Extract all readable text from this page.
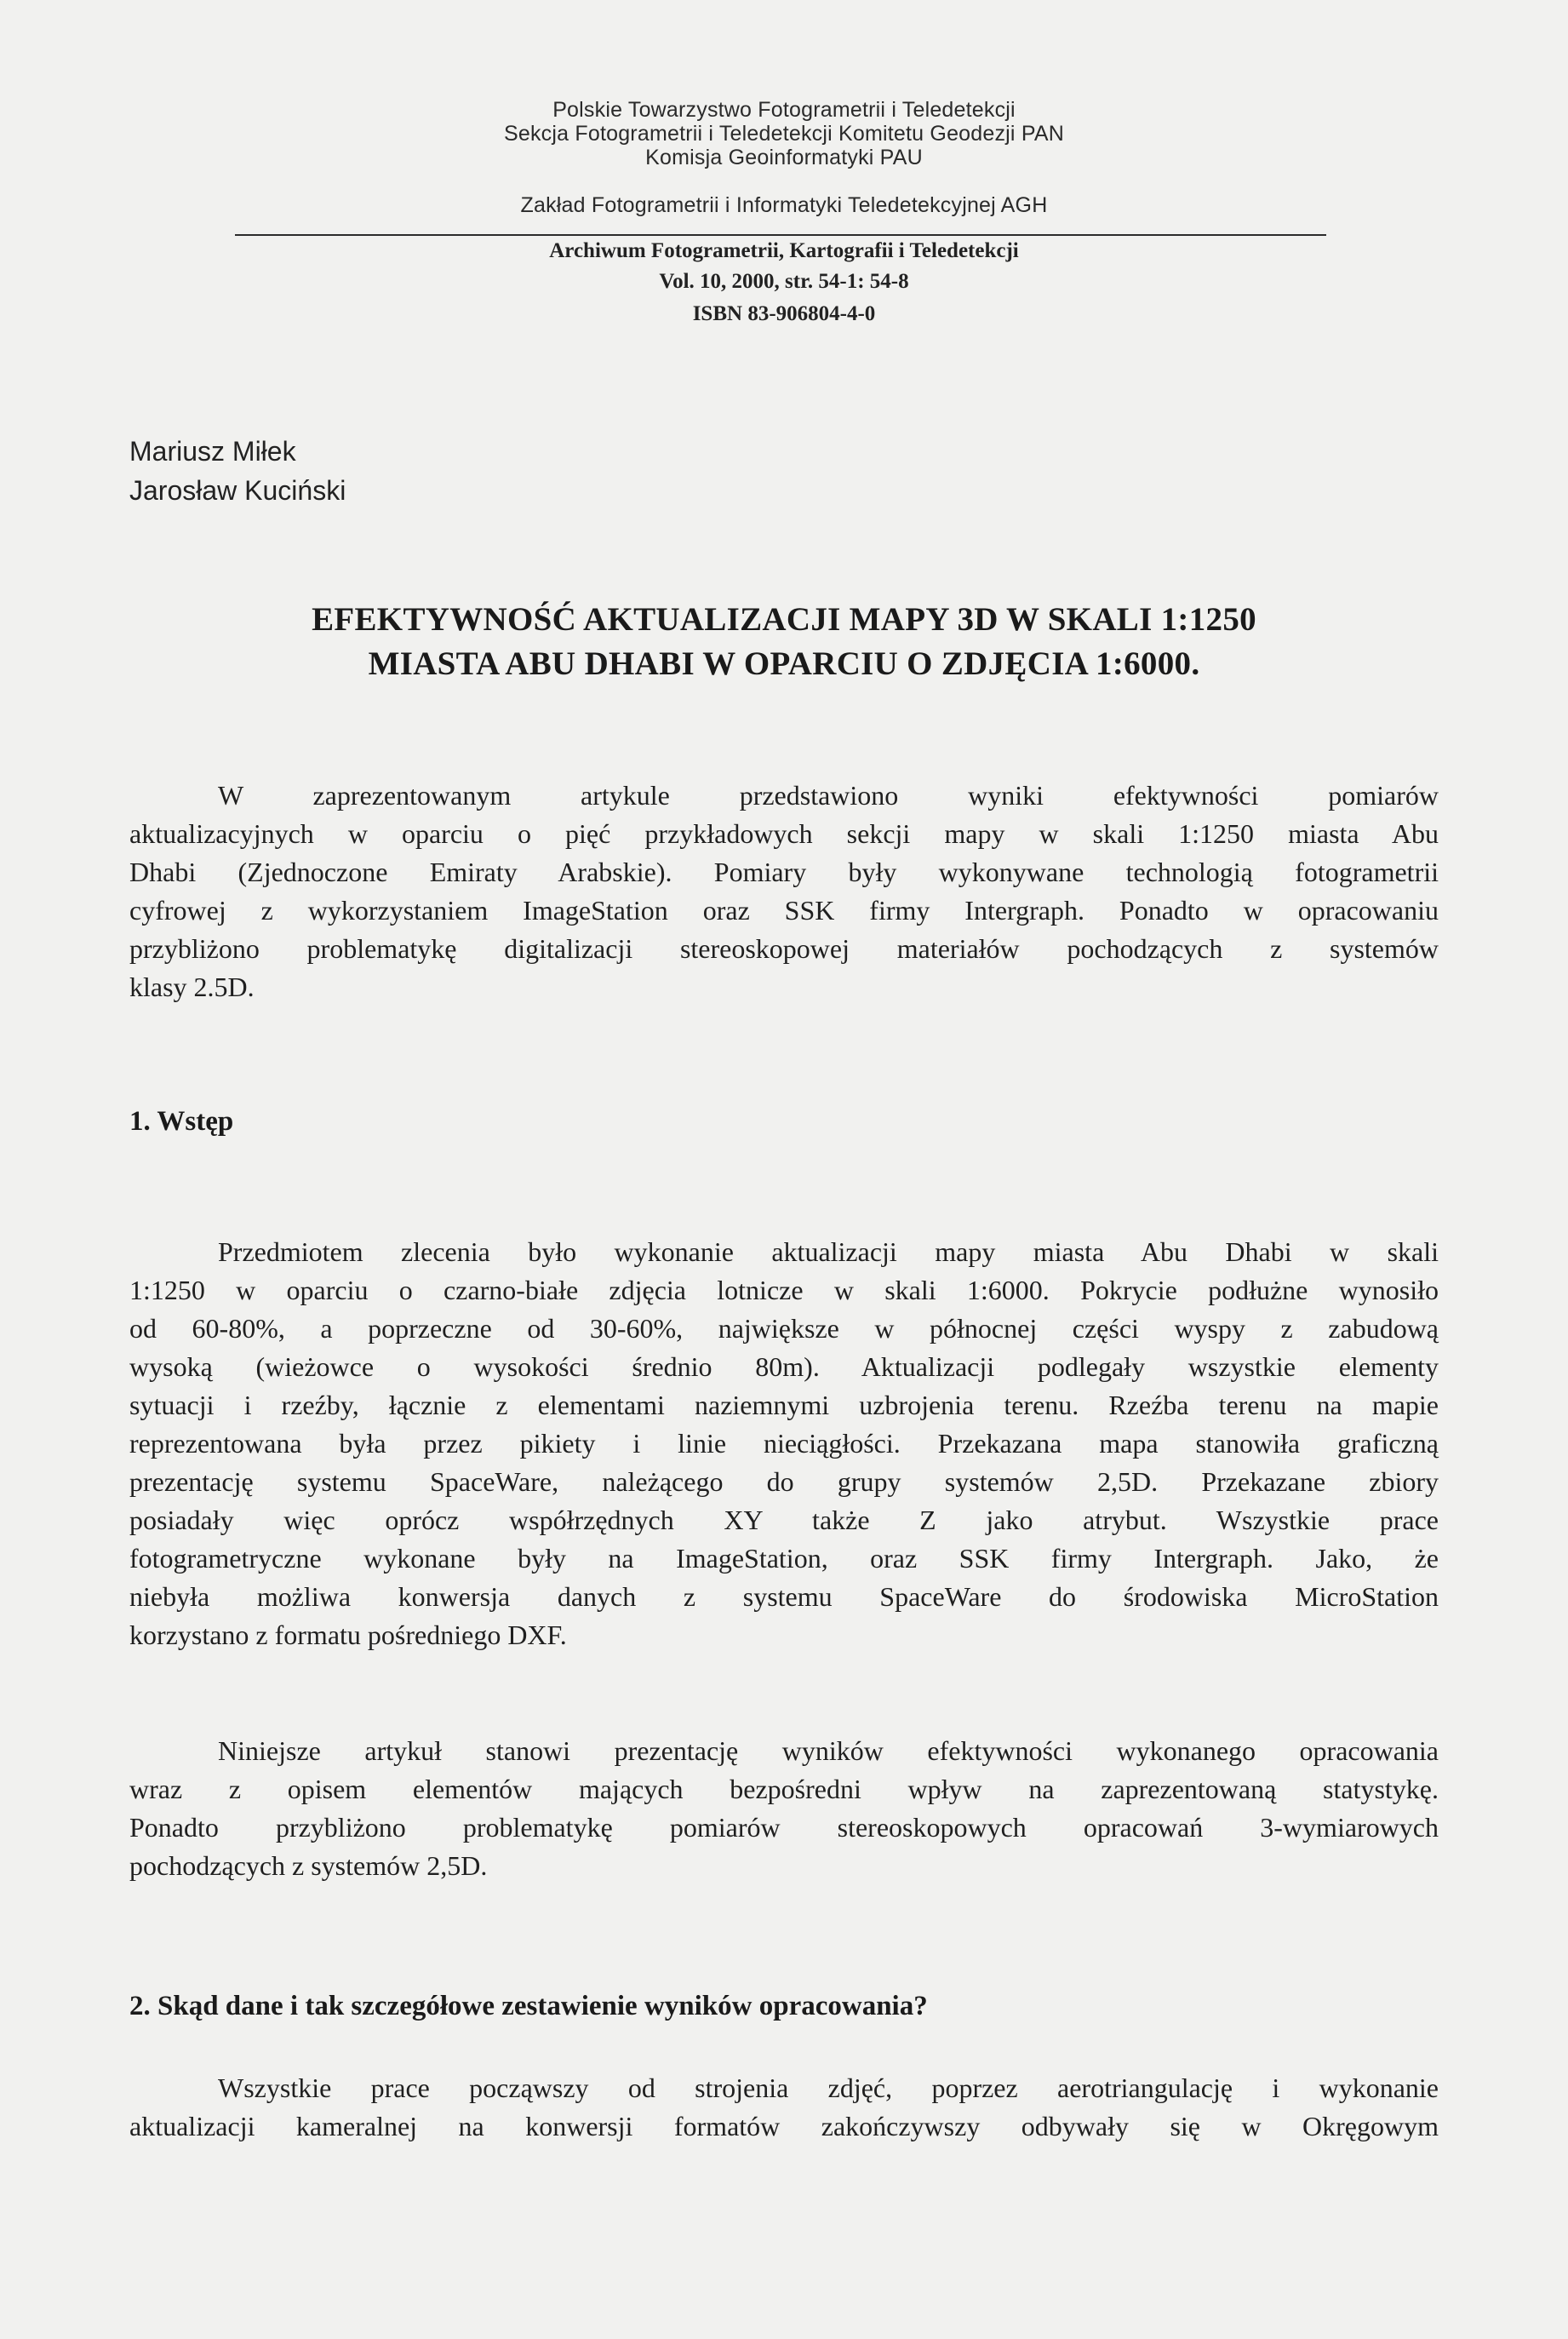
Polskie Towarzystwo Fotogrametrii i Teledetekcji
Sekcja Fotogrametrii i Teledetekcji Komitetu Geodezji PAN
Komisja Geoinformatyki PAU
Zakład Fotogrametrii i Informatyki Teledetekcyjnej AGH
Archiwum Fotogrametrii, Kartografii i Teledetekcji
Vol. 10, 2000, str. 54-1: 54-8
ISBN 83-906804-4-0
Mariusz Miłek
Jarosław Kuciński
EFEKTYWNOŚĆ AKTUALIZACJI MAPY 3D W SKALI 1:1250
MIASTA ABU DHABI W OPARCIU O ZDJĘCIA 1:6000.
W zaprezentowanym artykule przedstawiono wyniki efektywności pomiarów
aktualizacyjnych w oparciu o pięć przykładowych sekcji mapy w skali 1:1250 miasta Abu
Dhabi (Zjednoczone Emiraty Arabskie). Pomiary były wykonywane technologią fotogrametrii
cyfrowej z wykorzystaniem ImageStation oraz SSK firmy Intergraph. Ponadto w opracowaniu
przybliżono problematykę digitalizacji stereoskopowej materiałów pochodzących z systemów
klasy 2.5D.
1. Wstęp
Przedmiotem zlecenia było wykonanie aktualizacji mapy miasta Abu Dhabi w skali
1:1250 w oparciu o czarno-białe zdjęcia lotnicze w skali 1:6000. Pokrycie podłużne wynosiło
od 60-80%, a poprzeczne od 30-60%, największe w północnej części wyspy z zabudową
wysoką (wieżowce o wysokości średnio 80m). Aktualizacji podlegały wszystkie elementy
sytuacji i rzeźby, łącznie z elementami naziemnymi uzbrojenia terenu. Rzeźba terenu na mapie
reprezentowana była przez pikiety i linie nieciągłości. Przekazana mapa stanowiła graficzną
prezentację systemu SpaceWare, należącego do grupy systemów 2,5D. Przekazane zbiory
posiadały więc oprócz współrzędnych XY także Z jako atrybut. Wszystkie prace
fotogrametryczne wykonane były na ImageStation, oraz SSK firmy Intergraph. Jako, że
niebyła możliwa konwersja danych z systemu SpaceWare do środowiska MicroStation
korzystano z formatu pośredniego DXF.
Niniejsze artykuł stanowi prezentację wyników efektywności wykonanego opracowania
wraz z opisem elementów mających bezpośredni wpływ na zaprezentowaną statystykę.
Ponadto przybliżono problematykę pomiarów stereoskopowych opracowań 3-wymiarowych
pochodzących z systemów 2,5D.
2. Skąd dane i tak szczegółowe zestawienie wyników opracowania?
Wszystkie prace począwszy od strojenia zdjęć, poprzez aerotriangulację i wykonanie
aktualizacji kameralnej na konwersji formatów zakończywszy odbywały się w Okręgowym
